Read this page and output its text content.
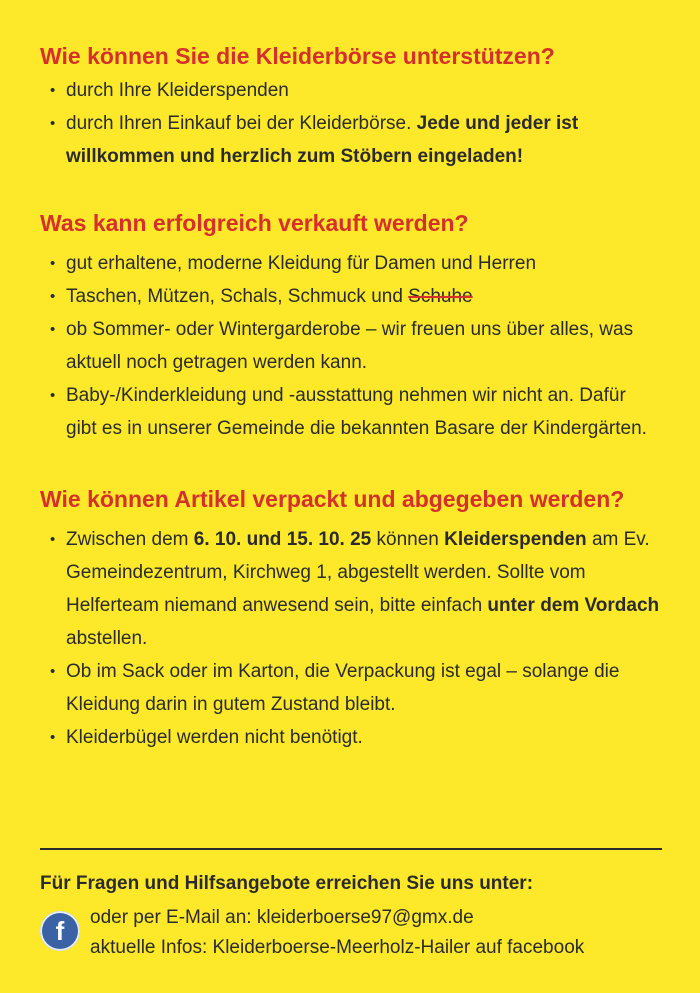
Wie können Sie die Kleiderbörse unterstützen?
• durch Ihre Kleiderspenden
• durch Ihren Einkauf bei der Kleiderbörse. Jede und jeder ist willkommen und herzlich zum Stöbern eingeladen!
Was kann erfolgreich verkauft werden?
• gut erhaltene, moderne Kleidung für Damen und Herren
• Taschen, Mützen, Schals, Schmuck und Schuhe
• ob Sommer- oder Wintergarderobe – wir freuen uns über alles, was aktuell noch getragen werden kann.
• Baby-/Kinderkleidung und -ausstattung nehmen wir nicht an. Dafür gibt es in unserer Gemeinde die bekannten Basare der Kindergärten.
Wie können Artikel verpackt und abgegeben werden?
• Zwischen dem 6. 10. und 15. 10. 25 können Kleiderspenden am Ev. Gemeindezentrum, Kirchweg 1, abgestellt werden. Sollte vom Helferteam niemand anwesend sein, bitte einfach unter dem Vordach abstellen.
• Ob im Sack oder im Karton, die Verpackung ist egal – solange die Kleidung darin in gutem Zustand bleibt.
• Kleiderbügel werden nicht benötigt.
Für Fragen und Hilfsangebote erreichen Sie uns unter:
f	oder per E-Mail an: kleiderboerse97@gmx.de
aktuelle Infos: Kleiderboerse-Meerholz-Hailer auf facebook
